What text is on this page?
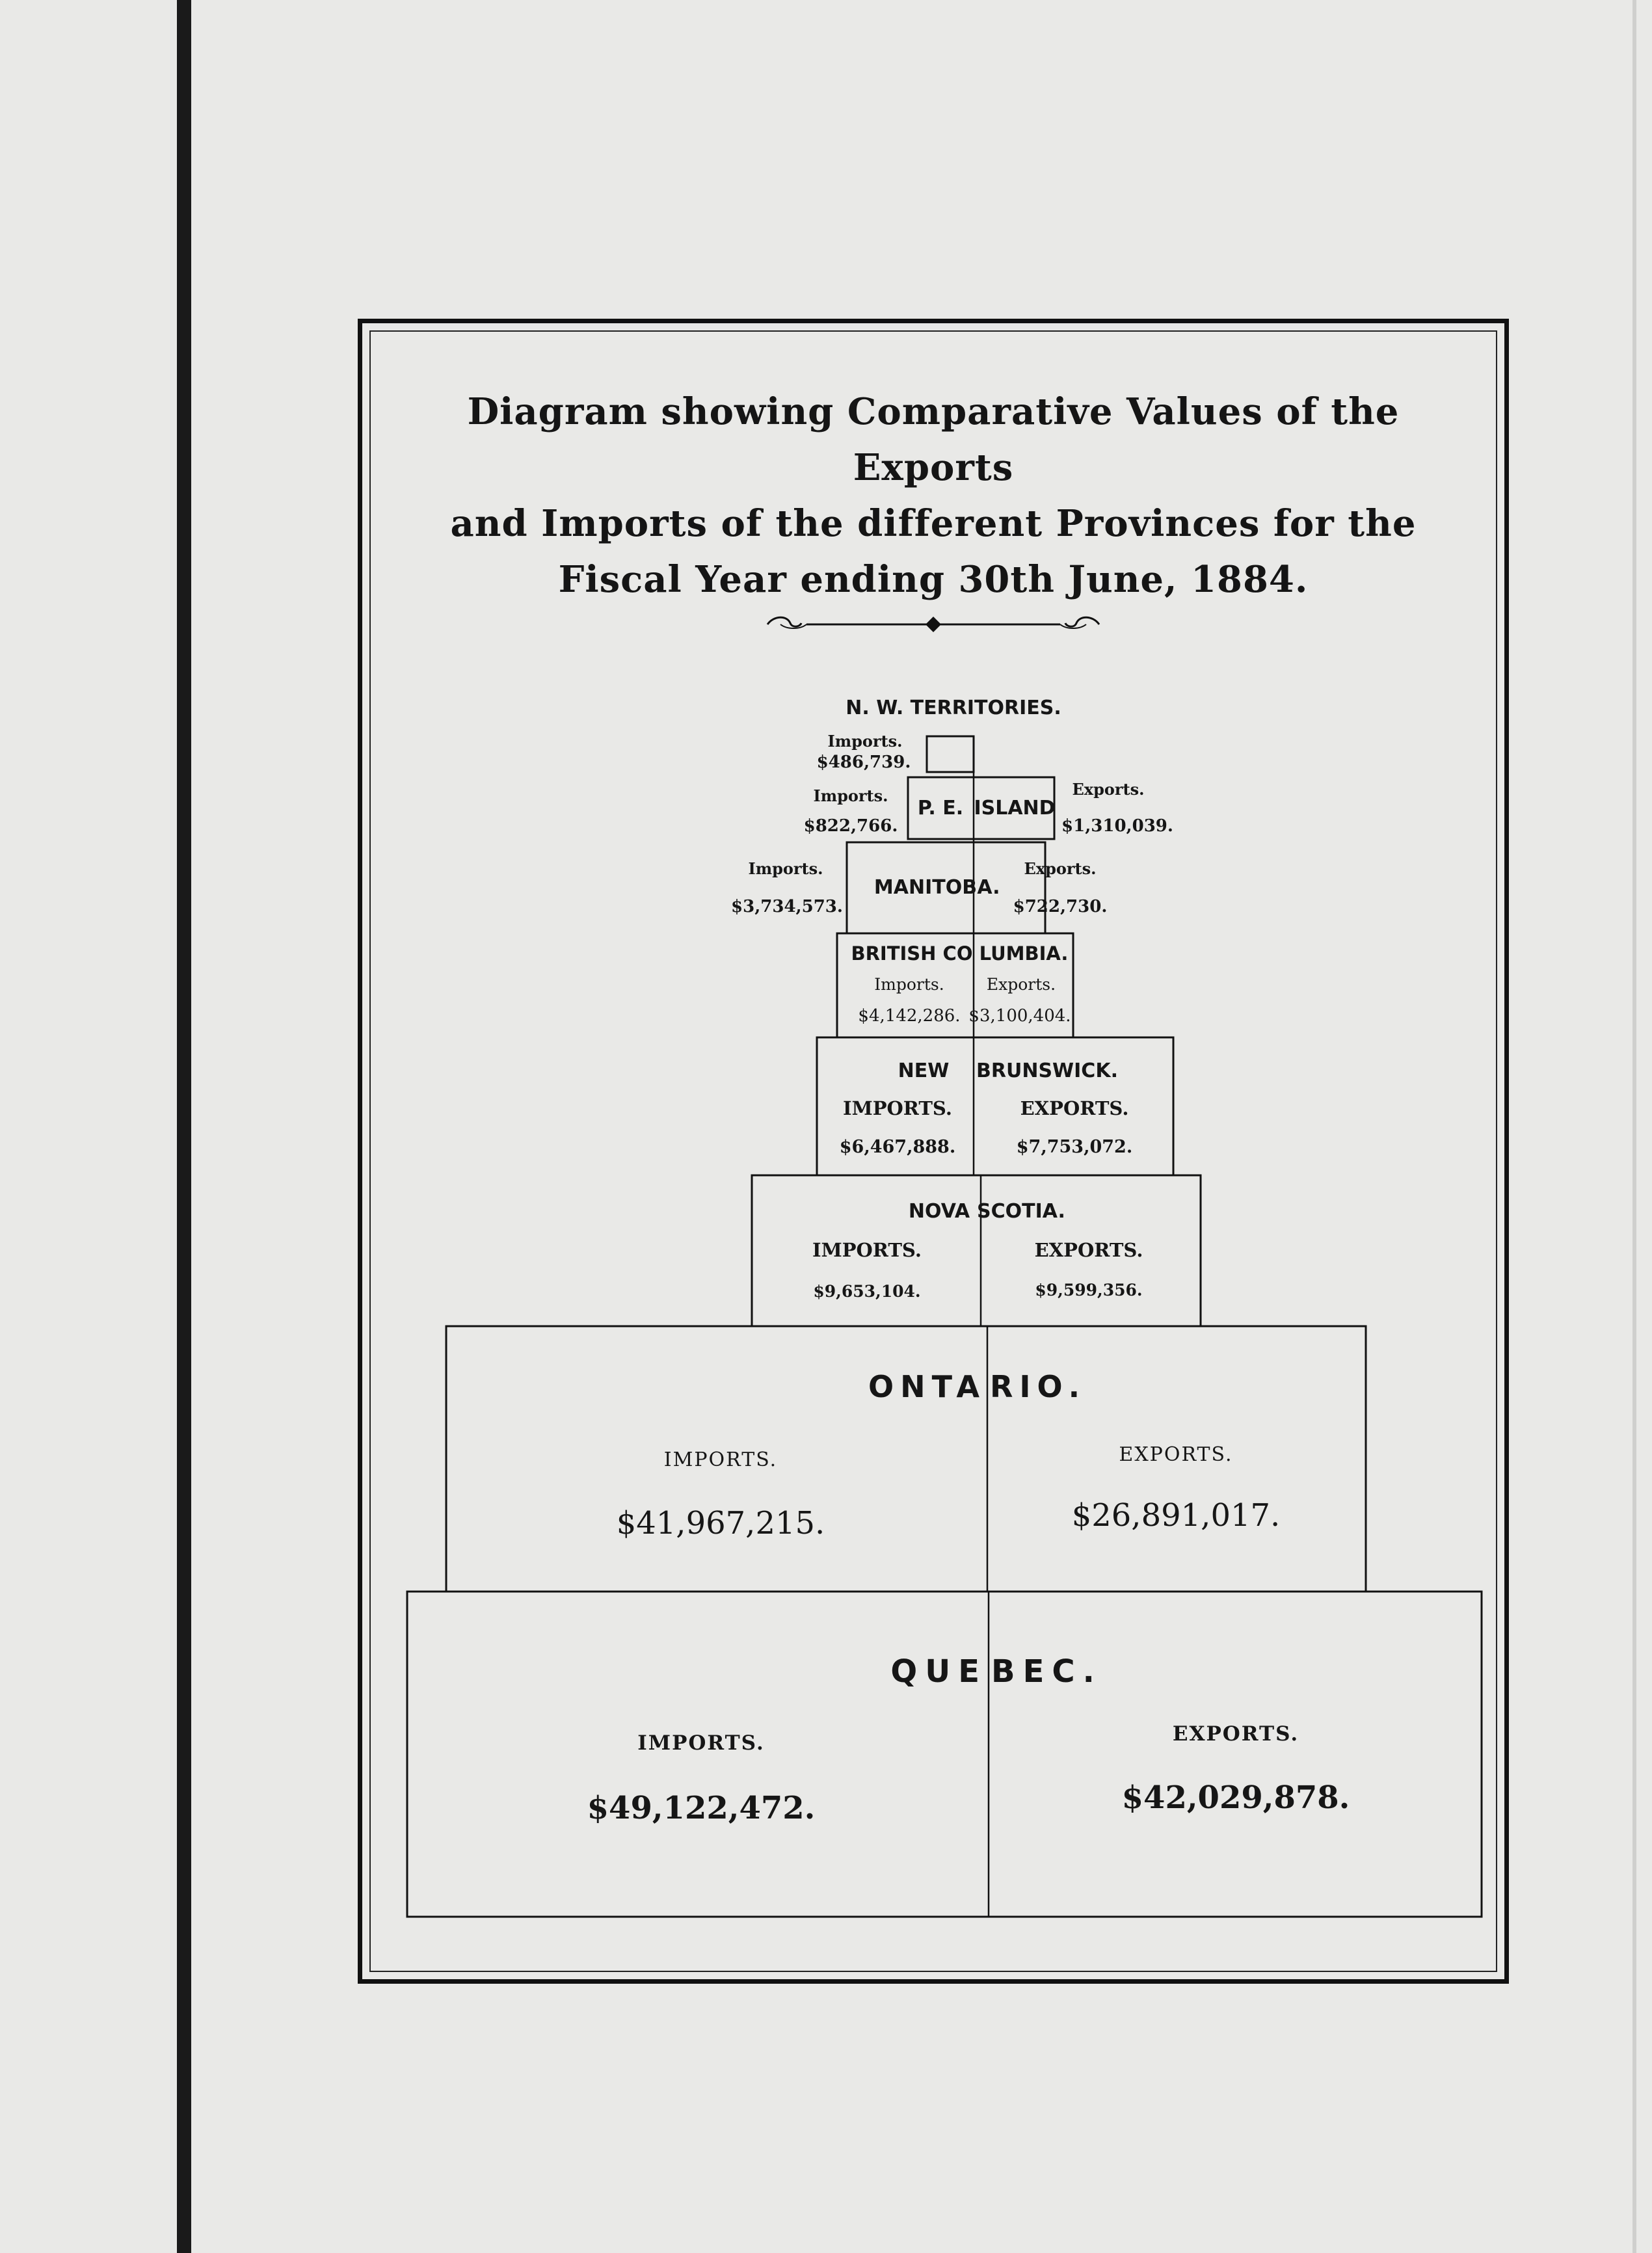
Diagram showing Comparative Values of the Exports
and Imports of the different Provinces for the
Fiscal Year ending 30th June, 1884.
N. W. TERRITORIES.
Imports.
$486,739.
P. E. ISLAND
Imports.
$822,766.
Exports.
$1,310,039.
MANITOB A.
Imports.
$3,734,573.
Exports.
$722,730.
BRITISH CO LUMBIA.
Imports.
$4,142,286.
Exports.
$3,100,404.
NEW BRUNSWICK.
IMPORTS.
$6,467,888.
EXPORTS.
$7,753,072.
NOVA SCOTIA.
IMPORTS.
$9,653,104.
EXPORTS.
$9,599,356.
ONTA RIO.
IMPORTS.
$41,967,215.
EXPORTS.
$26,891,017.
QUE BEC.
IMPORTS.
$49,122,472.
EXPORTS.
$42,029,878.
